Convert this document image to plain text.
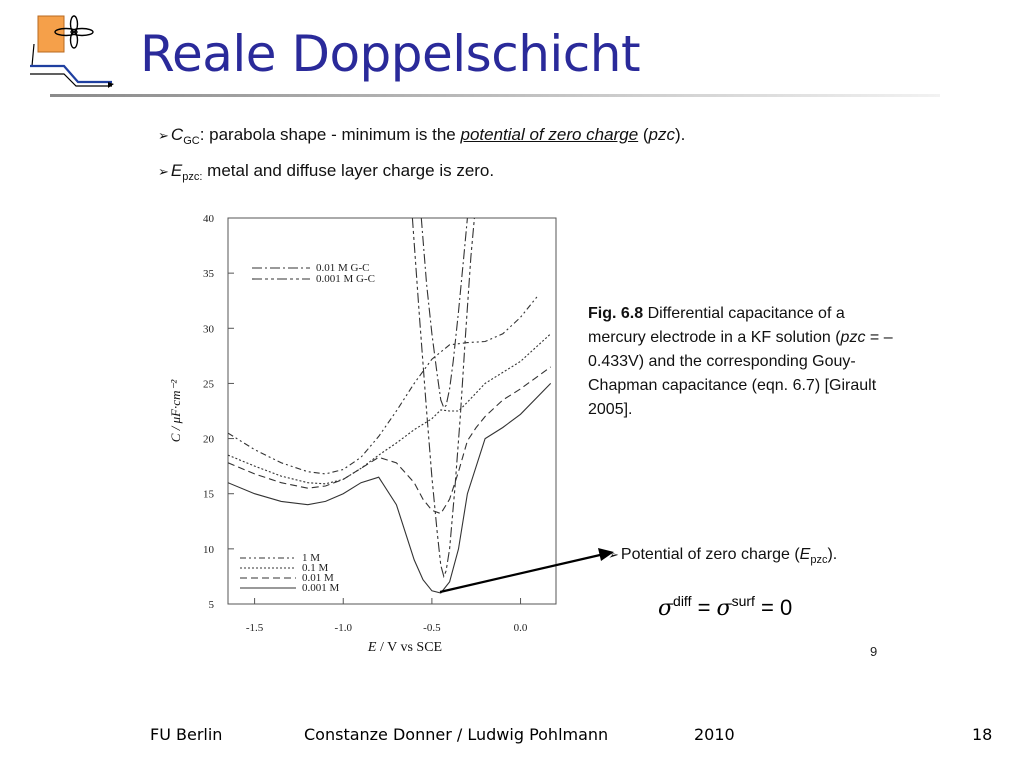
Reale Doppelschicht
➢ $C_{GC}$: parabola shape - minimum is the potential of zero charge (pzc).
➢ $E_{pzc:}$ metal and diffuse layer charge is zero.
5
10
15
20
25
30
35
40
-1.5	-1.0	-0.5	0.0
C / μF·cm⁻²
E / V vs SCE
0.01 M G-C
0.001 M G-C
1 M
0.1 M
0.01 M
0.001 M
Fig. 6.8 Differential capacitance of a mercury electrode in a KF solution (pzc = –0.433V) and the corresponding Gouy-Chapman capacitance (eqn. 6.7) [Girault 2005].
➢ Potential of zero charge $(E_{pzc})$.
$\sigma^{diff} = \sigma^{surf} = 0$
9
FU Berlin	Constanze Donner / Ludwig Pohlmann	2010	18
